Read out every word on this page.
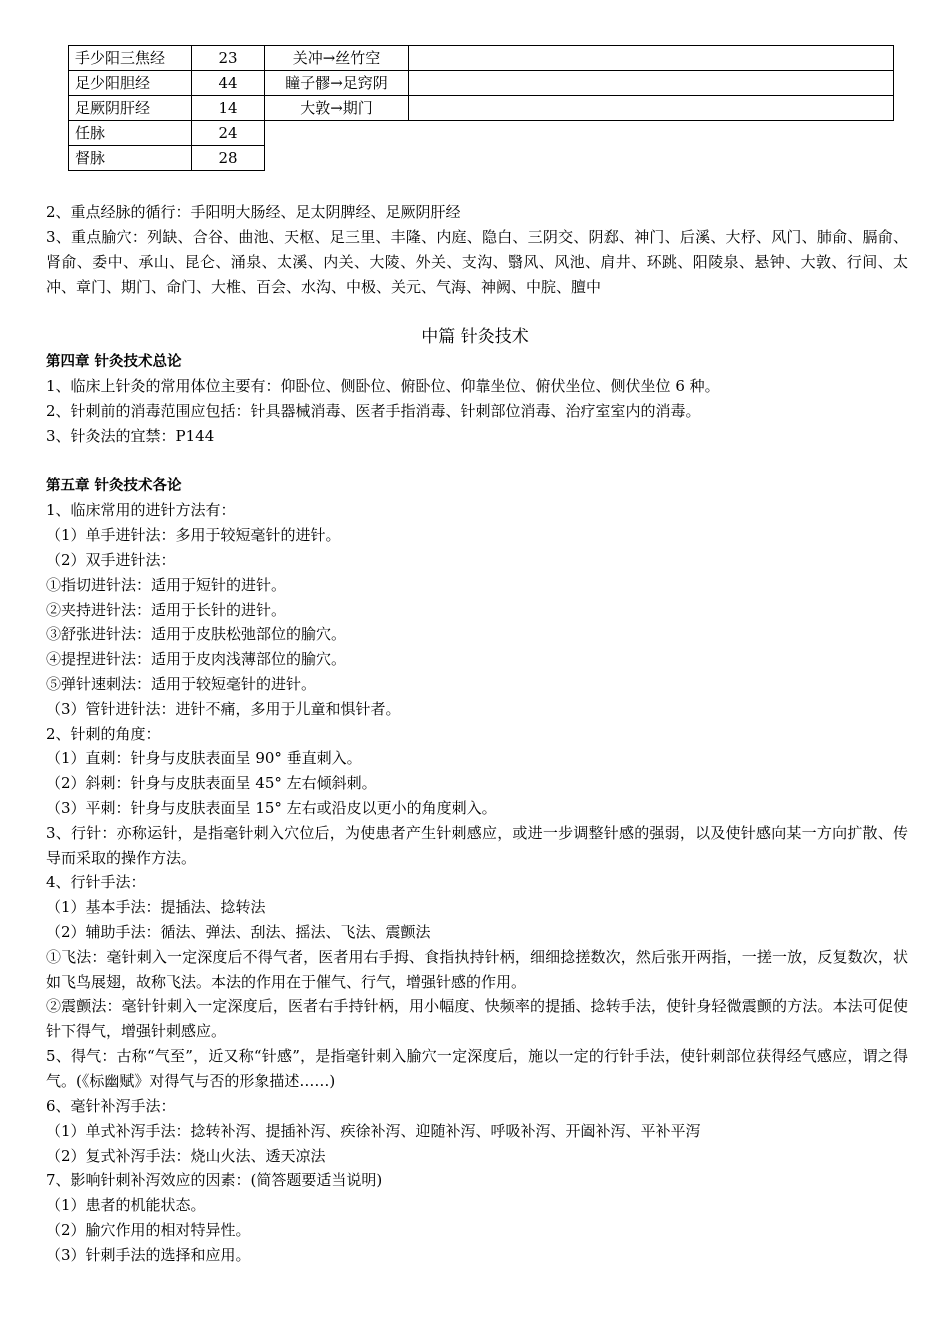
手少阳三焦经	23	关冲→丝竹空	
足少阳胆经	44	瞳子髎→足窍阴	
足厥阴肝经	14	大敦→期门	
任脉	24		
督脉	28		
2、重点经脉的循行：手阳明大肠经、足太阴脾经、足厥阴肝经
3、重点腧穴：列缺、合谷、曲池、天枢、足三里、丰隆、内庭、隐白、三阴交、阴郄、神门、后溪、大杼、风门、肺俞、膈俞、肾俞、委中、承山、昆仑、涌泉、太溪、内关、大陵、外关、支沟、翳风、风池、肩井、环跳、阳陵泉、悬钟、大敦、行间、太冲、章门、期门、命门、大椎、百会、水沟、中极、关元、气海、神阙、中脘、膻中
中篇 针灸技术
第四章 针灸技术总论
1、临床上针灸的常用体位主要有：仰卧位、侧卧位、俯卧位、仰靠坐位、俯伏坐位、侧伏坐位 6 种。
2、针刺前的消毒范围应包括：针具器械消毒、医者手指消毒、针刺部位消毒、治疗室室内的消毒。
3、针灸法的宜禁：P144
第五章 针灸技术各论
1、临床常用的进针方法有：
（1）单手进针法：多用于较短毫针的进针。
（2）双手进针法：
①指切进针法：适用于短针的进针。
②夹持进针法：适用于长针的进针。
③舒张进针法：适用于皮肤松弛部位的腧穴。
④提捏进针法：适用于皮肉浅薄部位的腧穴。
⑤弹针速刺法：适用于较短毫针的进针。
（3）管针进针法：进针不痛，多用于儿童和惧针者。
2、针刺的角度：
（1）直刺：针身与皮肤表面呈 90° 垂直刺入。
（2）斜刺：针身与皮肤表面呈 45° 左右倾斜刺。
（3）平刺：针身与皮肤表面呈 15° 左右或沿皮以更小的角度刺入。
3、行针：亦称运针，是指毫针刺入穴位后，为使患者产生针刺感应，或进一步调整针感的强弱，以及使针感向某一方向扩散、传导而采取的操作方法。
4、行针手法：
（1）基本手法：提插法、捻转法
（2）辅助手法：循法、弹法、刮法、摇法、飞法、震颤法
①飞法：毫针刺入一定深度后不得气者，医者用右手拇、食指执持针柄，细细捻搓数次，然后张开两指，一搓一放，反复数次，状如飞鸟展翅，故称飞法。本法的作用在于催气、行气，增强针感的作用。
②震颤法：毫针针刺入一定深度后，医者右手持针柄，用小幅度、快频率的提插、捻转手法，使针身轻微震颤的方法。本法可促使针下得气，增强针刺感应。
5、得气：古称“气至”，近又称“针感”，是指毫针刺入腧穴一定深度后，施以一定的行针手法，使针刺部位获得经气感应，谓之得气。(《标幽赋》对得气与否的形象描述……)
6、毫针补泻手法：
（1）单式补泻手法：捻转补泻、提插补泻、疾徐补泻、迎随补泻、呼吸补泻、开阖补泻、平补平泻
（2）复式补泻手法：烧山火法、透天凉法
7、影响针刺补泻效应的因素：(简答题要适当说明)
（1）患者的机能状态。
（2）腧穴作用的相对特异性。
（3）针刺手法的选择和应用。
